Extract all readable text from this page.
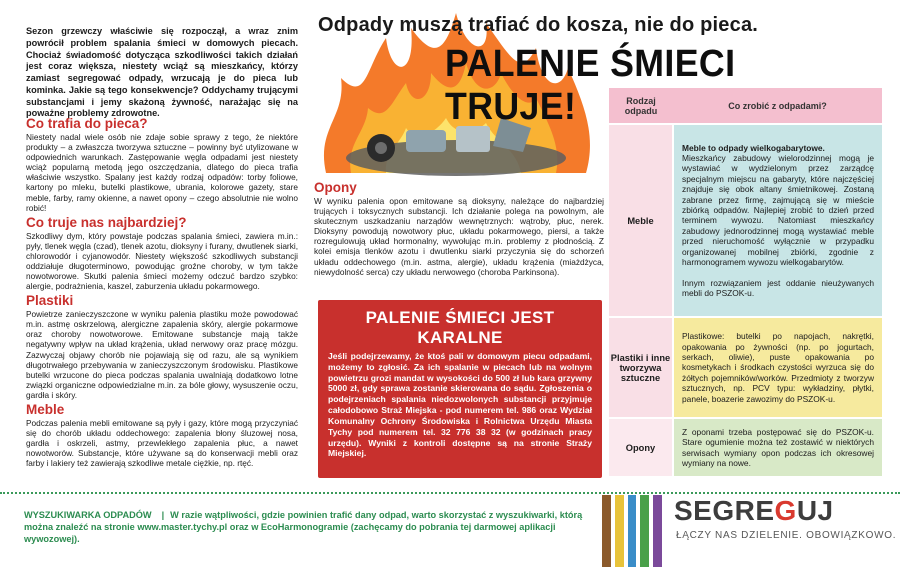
Sezon grzewczy właściwie się rozpoczął, a wraz znim powrócił problem spalania śmieci w domowych piecach. Chociaż świadomość dotycząca szkodliwości takich działań jest coraz większa, niestety wciąż są mieszkańcy, którzy zamiast segregować odpady, wrzucają je do pieca lub kominka. Jakie są tego konsekwencje? Oddychamy trującymi substancjami i jemy skażoną żywność, narażając się na poważne problemy zdrowotne.
Co trafia do pieca?

Niestety nadal wiele osób nie zdaje sobie sprawy z tego, że niektóre produkty – a zwłaszcza tworzywa sztuczne – powinny być utylizowane w odpowiednich warunkach. Zastępowanie węgla odpadami jest niestety wciąż popularną metodą jego oszczędzania, dlatego do pieca trafia właściwie wszystko. Spalany jest każdy rodzaj odpadów: torby foliowe, kartony po mleku, butelki plastikowe, ubrania, kolorowe gazety, stare meble, farby, ramy okienne, a nawet opony – czego absolutnie nie wolno robić!

Co truje nas najbardziej?

Szkodliwy dym, który powstaje podczas spalania śmieci, zawiera m.in.: pyły, tlenek węgla (czad), tlenek azotu, dioksyny i furany, dwutlenek siarki, chlorowodór i cyjanowodór. Niestety większość szkodliwych substancji oddziałuje długoterminowo, powodując groźne choroby, w tym także nowotworowe. Skutki palenia śmieci możemy odczuć bardzo szybko: alergie, podrażnienia, kaszel, zaburzenia układu pokarmowego.

Plastiki

Powietrze zanieczyszczone w wyniku palenia plastiku może powodować m.in. astmę oskrzelową, alergiczne zapalenia skóry, alergie pokarmowe oraz choroby nowotworowe. Emitowane substancje mają także negatywny wpływ na układ krążenia, układ nerwowy oraz pracę mózgu. Zazwyczaj objawy chorób nie pojawiają się od razu, ale są wynikiem długotrwałego przebywania w zanieczyszczonym środowisku. Plastikowe butelki wrzucone do pieca podczas spalania uwalniają dodatkowo lotne związki organiczne odpowiedzialne m.in. za bóle głowy, wysuszenie oczu, gardła i skóry.

Meble

Podczas palenia mebli emitowane są pyły i gazy, które mogą przyczyniać się do chorób układu oddechowego: zapalenia błony śluzowej nosa, gardła i oskrzeli, astmy, przewlekłego zapalenia płuc, a nawet nowotworów. Substancje, które używane są do konserwacji mebli oraz farby i lakiery też zawierają szkodliwe metale ciężkie, np. rtęć.

Odpady muszą trafiać do kosza, nie do pieca.
PALENIE ŚMIECI TRUJE!
Opony

W wyniku palenia opon emitowane są dioksyny, należące do najbardziej trujących i toksycznych substancji. Ich działanie polega na powolnym, ale skutecznym uszkadzaniu narządów wewnętrznych: wątroby, płuc, nerek. Dioksyny powodują nowotwory płuc, układu pokarmowego, piersi, a także rozregulowują układ hormonalny, wywołując m.in. problemy z płodnością. Z kolei emisja tlenków azotu i dwutlenku siarki przyczynia się do schorzeń układu oddechowego (m.in. astma, alergie), układu krążenia (miażdżyca, niewydolność serca) czy układu nerwowego (choroba Parkinsona).

PALENIE ŚMIECI JEST KARALNE
Jeśli podejrzewamy, że ktoś pali w domowym piecu odpadami, możemy to zgłosić. Za ich spalanie w piecach lub na wolnym powietrzu grozi mandat w wysokości do 500 zł lub kara grzywny 5000 zł, gdy sprawa zostanie skierowana do sądu. Zgłoszenia o podejrzeniach spalania niedozwolonych substancji przyjmuje całodobowo Straż Miejska - pod numerem tel. 986 oraz Wydział Komunalny Ochrony Środowiska i Rolnictwa Urzędu Miasta Tychy pod numerem tel. 32 776 38 32 (w godzinach pracy urzędu). Wyniki z kontroli dostępne są na stronie Straży Miejskiej.
Rodzaj odpadu	Co zrobić z odpadami?
Meble	Meble to odpady wielkogabarytowe.
Mieszkańcy zabudowy wielorodzinnej mogą je wystawiać w wydzielonym przez zarządcę specjalnym miejscu na gabaryty, które najczęściej znajduje się obok altany śmietnikowej. Zostaną zabrane przez firmę, zajmującą się w mieście zbiórką odpadów. Najlepiej zrobić to dzień przed terminem wywozu. Natomiast mieszkańcy zabudowy jednorodzinnej mogą wystawiać meble przed nieruchomość wyłącznie w przypadku organizowanej mobilnej zbiórki, zgodnie z harmonogramem wywozu wielkogabarytów.

Innym rozwiązaniem jest oddanie nieużywanych mebli do PSZOK-u.
Plastiki i inne tworzywa sztuczne	Plastikowe: butelki po napojach, nakrętki, opakowania po żywności (np. po jogurtach, serkach, oliwie), puste opakowania po kosmetykach i środkach czystości wyrzuca się do żółtych pojemników/worków. Przedmioty z tworzyw sztucznych, np. PCV typu: wykładziny, płytki, panele, boazerie zawozimy do PSZOK-u.
Opony	Z oponami trzeba postępować się do PSZOK-u. Stare ogumienie można też zostawić w niektórych serwisach wymiany opon podczas ich okresowej wymiany na nowe.
WYSZUKIWARKA ODPADÓW | W razie wątpliwości, gdzie powinien trafić dany odpad, warto skorzystać z wyszukiwarki, którą można znaleźć na stronie www.master.tychy.pl oraz w EcoHarmonogramie (zachęcamy do pobrania tej darmowej aplikacji wywozowej).
SEGREGUJ
ŁĄCZY NAS DZIELENIE. OBOWIĄZKOWO.
